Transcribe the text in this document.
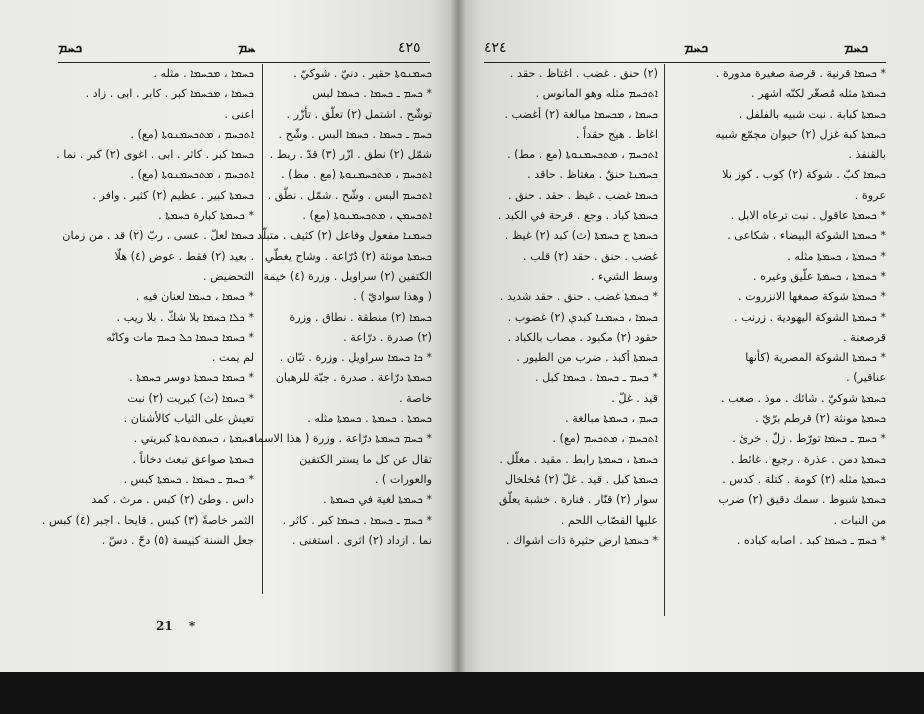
ܟܚܡ	ܚܡ	٤٢٥
ܟܚܡܐ ، ܡܟܚܡܐ . مثله .
ܟܚܡܐ ، ܡܟܚܡܐ كبر . كابر . ابى . زاد .
اعنى .
ܐܬܟܚܡ ، ܡܬܟܚܡܢܘܬܐ (مع) .
ܟܚܡܐ كبر . كاثر . ابى . اغوى (٢) كبر . نما .
ܐܬܟܚܡ ، ܡܬܟܚܡܢܘܬܐ (مع) .
ܟܚܡܬܐ كبير . عظيم (٢) كثير . وافر .
* ܟܚܡܬܐ كبارة ܟܚܡܬܐ .
ܟܚܡܐ لعلّ . عسى . ربّ (٢) قد . من زمان
. بعيد (٢) فقط . عوض (٤) هلّا
التحضيض .
* ܟܚܡܐ ، ܟܚܡܐ لعنان فيه .
* ܟܠܐ ܟܚܡܐ بلا شكّ . بلا ريب .
* ܟܚܡܐ ܟܚܡܐ ܟܠ ܟܚܡ مات وكانّه
لم يمت .
* ܟܚܡܐ ܟܚܡܬܐ دوسر ܟܚܡܬܐ .
* ܟܚܡܐ (ث) كبريت (٢) نبت
تعيش على الثياب كالأشنان .
ܟܚܡܬܐ ، ܟܚܡܬܢܘܬܐ كبريتي .
ܟܚܡܬܐ صواعق تبعث دخاناً .
* ܟܚܡ ـ ܟܚܡܐ . ܟܚܡܬܐ كبس .
داس . وطئ (٢) كبس . مرث . كمد
الثمر خاصةً (٣) كبس . قايحا . اجبر (٤) كبس .
جعل السنة كبيسة (٥) دحّ . دسّ .
ܟܚܡܢܘܬܐ حقير . دنيّ . شوكيّ .
* ܟܚܡ ـ ܟܚܡܐ . ܟܚܡܐ لبس
توشّح . اشتمل (٢) تعلّق . تأزّر .
ܟܚܡ ـ ܟܚܡܐ . ܟܚܡܐ البس . وشّح .
شمّل (٢) نطق . ازّر (٣) قدّ . ربط .
ܐܬܟܚܡ ، ܡܬܟܚܡܢܘܬܐ (مع . مط) .
ܐܬܟܚܡ البس . وشّح . شمّل . نطّق .
ܐܬܟܚܡܢ ، ܡܬܟܚܡܢܘܬܐ (مع) .
ܟܚܡܢܐ مفعول وفاعل (٢) كثيف . متبلّد .
ܟܚܡܬܐ مونثة (٢) دُرّاعة . وشاح يغطّي
الكتفين (٢) سراويل . وزرة (٤) خيمة
( وهذا سواديّ ) .
ܟܚܡܐ (٢) منطقة . نطاق . وزرة
(٢) صدرة . درّاعة .
* ܟܐ ܟܚܡܐ سراويل . وزرة . تبّان .
ܟܚܡܬܐ درّاعة . صدرة . جبّة للرهبان
خاصة .
ܟܚܡܬܐ . ܟܚܡܬܐ . ܟܚܡܬܐ مثله .
* ܟܚܡ ܟܚܡܬܐ درّاعة . وزرة ( هذا الاسماء
تقال عن كل ما يستر الكتفين
والعورات ) .
* ܟܚܡܬܐ لغية في ܟܚܡܬܐ .
* ܟܚܡ ـ ܟܚܡܐ . ܟܚܡܐ كبر . كاثر .
نما . ازداد (٢) اثرى . استغنى .
21 *
٤٢٤	ܟܚܡ	ܟܚܡ
(٢) حنق . غضب . اغتاظ . حقد .
ܐܬܟܚܡ مثله وهو المانوس .
ܟܚܡܐ ، ܡܟܚܡܐ مبالغة (٢) أغضب .
اغاظ . هيج حقداً .
ܐܬܟܚܡ ، ܡܬܟܚܡܢܘܬܐ (مع . مط) .
ܟܚܡܢܐ حنقٌ . مغتاظ . حاقد .
ܟܚܡܐ غضب . غيظ . حقد . حنق .
ܟܚܡܬܐ كباد . وجع . قرحة في الكبد .
ܟܚܡܬܐ ج ܟܚܡܬܐ (ث) كبد (٢) غيظ .
غضب . حنق . حقد (٢) قلب .
وسط الشيء .
* ܟܚܡܬܐ غضب . حنق . حقد شديد .
ܟܚܡܐ ، ܟܚܡܢܐ كبدي (٢) غضوب .
حقود (٢) مكبود . مصاب بالكباد .
ܟܚܡܬܐ أكبد . ضرب من الطيور .
* ܟܚܡ ـ ܟܚܡܐ . ܟܚܡܐ كبل .
قيد . غلّ .
ܟܚܡ ، ܟܚܡܬܐ مبالغة .
ܐܬܟܚܡ ، ܡܬܟܚܡ (مع) .
ܟܚܡܬܐ ، ܟܚܡܬܐ رابط . مقيد . مغلّل .
ܟܚܡܬܐ كبل . قيد . غلّ (٢) مُخلخال
سوار (٢) قنّار . فنارة . خشبة يعلّق
عليها القصّاب اللحم .
* ܟܚܡܬܐ ارض حثيرة ذات اشواك .
* ܟܚܡܐ قرنية . قرصة صغيرة مدورة .
ܟܚܡܬܐ مثله مُصغّر لكنّه اشهر .
ܟܚܡܬܐ كبابة . نبت شبيه بالفلفل .
ܟܚܡܬܐ كبة غزل (٢) حيوان مجمّع شبيه
بالقنفذ .
ܟܚܡܐ كبّ . شوكة (٢) كوب . كوز بلا
عروة .
* ܟܚܡܬܐ عاقول . نبت ترعاه الابل .
* ܟܚܡܬܐ الشوكة البيضاء . شكاعى .
* ܟܚܡܬܐ ، ܟܚܡܬܐ مثله .
* ܟܚܡܬܐ ، ܟܚܡܬܐ علّيق وغيره .
* ܟܚܡܬܐ شوكة صمغها الانزروت .
* ܟܚܡܬܐ الشوكة اليهودية . زرنب .
قرصعنة .
* ܟܚܡܬܐ الشوكة المصرية (كأنها
عناقير) .
ܟܚܡܬܐ شوكيّ . شائك . موذ . صعب .
ܟܚܡܬܐ مونثة (٢) قرطم برّيّ .
* ܟܚܡ ـ ܟܚܡܐ تورّط . زلّ . خرئ .
ܟܚܡܬܐ دمن . عذرة . رجيع . غائط .
ܟܚܡܬܐ مثله (٢) كومة . كتلة . كدس .
ܟܚܡܬܐ شبوط . سمك دقيق (٢) ضرب
من النبات .
* ܟܚܡ ـ ܟܚܡܐ كبد . اصابه كباده .
